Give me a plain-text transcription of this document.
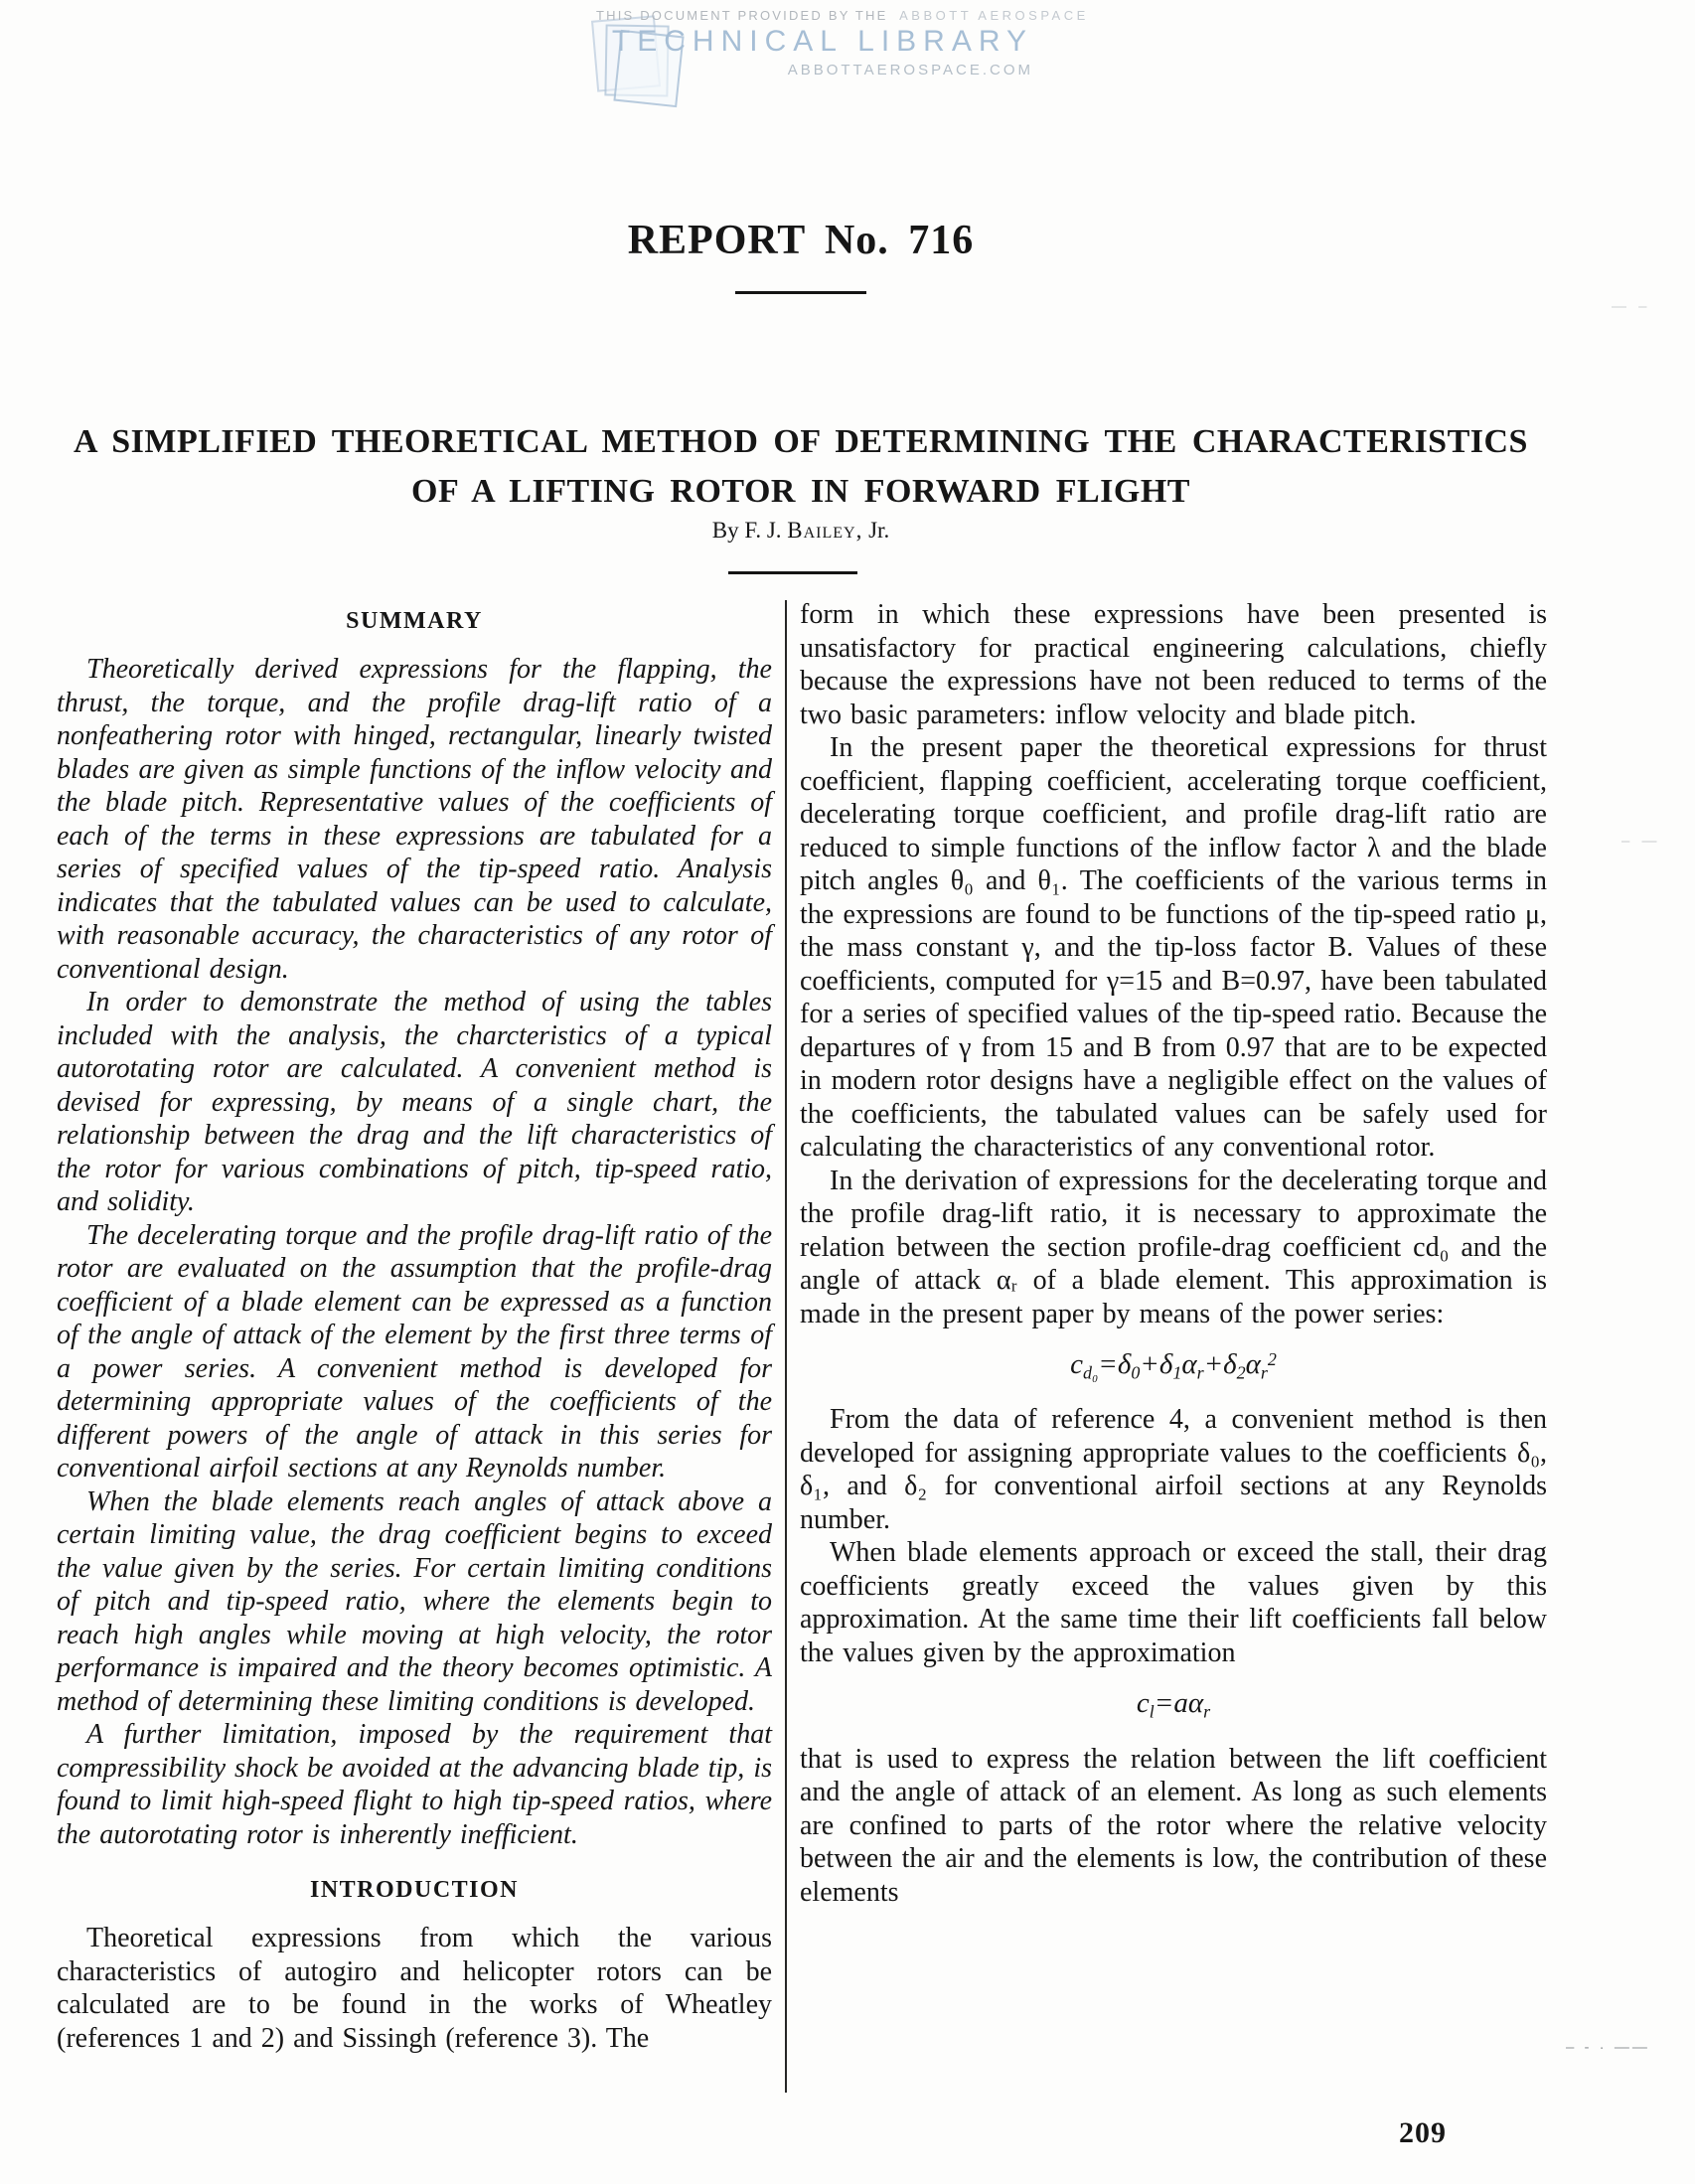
THIS DOCUMENT PROVIDED BY THE ABBOTT AEROSPACE
TECHNICAL LIBRARY
ABBOTTAEROSPACE.COM
REPORT No. 716
A SIMPLIFIED THEORETICAL METHOD OF DETERMINING THE CHARACTERISTICS
OF A LIFTING ROTOR IN FORWARD FLIGHT
By F. J. Bailey, Jr.
SUMMARY

Theoretically derived expressions for the flapping, the thrust, the torque, and the profile drag-lift ratio of a nonfeathering rotor with hinged, rectangular, linearly twisted blades are given as simple functions of the inflow velocity and the blade pitch. Representative values of the coefficients of each of the terms in these expressions are tabulated for a series of specified values of the tip-speed ratio. Analysis indicates that the tabulated values can be used to calculate, with reasonable accuracy, the characteristics of any rotor of conventional design.

In order to demonstrate the method of using the tables included with the analysis, the charcteristics of a typical autorotating rotor are calculated. A convenient method is devised for expressing, by means of a single chart, the relationship between the drag and the lift characteristics of the rotor for various combinations of pitch, tip-speed ratio, and solidity.

The decelerating torque and the profile drag-lift ratio of the rotor are evaluated on the assumption that the profile-drag coefficient of a blade element can be expressed as a function of the angle of attack of the element by the first three terms of a power series. A convenient method is developed for determining appropriate values of the coefficients of the different powers of the angle of attack in this series for conventional airfoil sections at any Reynolds number.

When the blade elements reach angles of attack above a certain limiting value, the drag coefficient begins to exceed the value given by the series. For certain limiting conditions of pitch and tip-speed ratio, where the elements begin to reach high angles while moving at high velocity, the rotor performance is impaired and the theory becomes optimistic. A method of determining these limiting conditions is developed.

A further limitation, imposed by the requirement that compressibility shock be avoided at the advancing blade tip, is found to limit high-speed flight to high tip-speed ratios, where the autorotating rotor is inherently inefficient.

INTRODUCTION

Theoretical expressions from which the various characteristics of autogiro and helicopter rotors can be calculated are to be found in the works of Wheatley (references 1 and 2) and Sissingh (reference 3). The

form in which these expressions have been presented is unsatisfactory for practical engineering calculations, chiefly because the expressions have not been reduced to terms of the two basic parameters: inflow velocity and blade pitch.

In the present paper the theoretical expressions for thrust coefficient, flapping coefficient, accelerating torque coefficient, decelerating torque coefficient, and profile drag-lift ratio are reduced to simple functions of the inflow factor λ and the blade pitch angles θ₀ and θ₁. The coefficients of the various terms in the expressions are found to be functions of the tip-speed ratio μ, the mass constant γ, and the tip-loss factor B. Values of these coefficients, computed for γ=15 and B=0.97, have been tabulated for a series of specified values of the tip-speed ratio. Because the departures of γ from 15 and B from 0.97 that are to be expected in modern rotor designs have a negligible effect on the values of the coefficients, the tabulated values can be safely used for calculating the characteristics of any conventional rotor.

In the derivation of expressions for the decelerating torque and the profile drag-lift ratio, it is necessary to approximate the relation between the section profile-drag coefficient cd₀ and the angle of attack αᵣ of a blade element. This approximation is made in the present paper by means of the power series:

$c_{d_0}=\delta_0+\delta_1\alpha_r+\delta_2\alpha_r^2$

From the data of reference 4, a convenient method is then developed for assigning appropriate values to the coefficients δ₀, δ₁, and δ₂ for conventional airfoil sections at any Reynolds number.

When blade elements approach or exceed the stall, their drag coefficients greatly exceed the values given by this approximation. At the same time their lift coefficients fall below the values given by the approximation

$c_l=a\alpha_r$

that is used to express the relation between the lift coefficient and the angle of attack of an element. As long as such elements are confined to parts of the rotor where the relative velocity between the air and the elements is low, the contribution of these elements

209
— –
– —
– - · ——
